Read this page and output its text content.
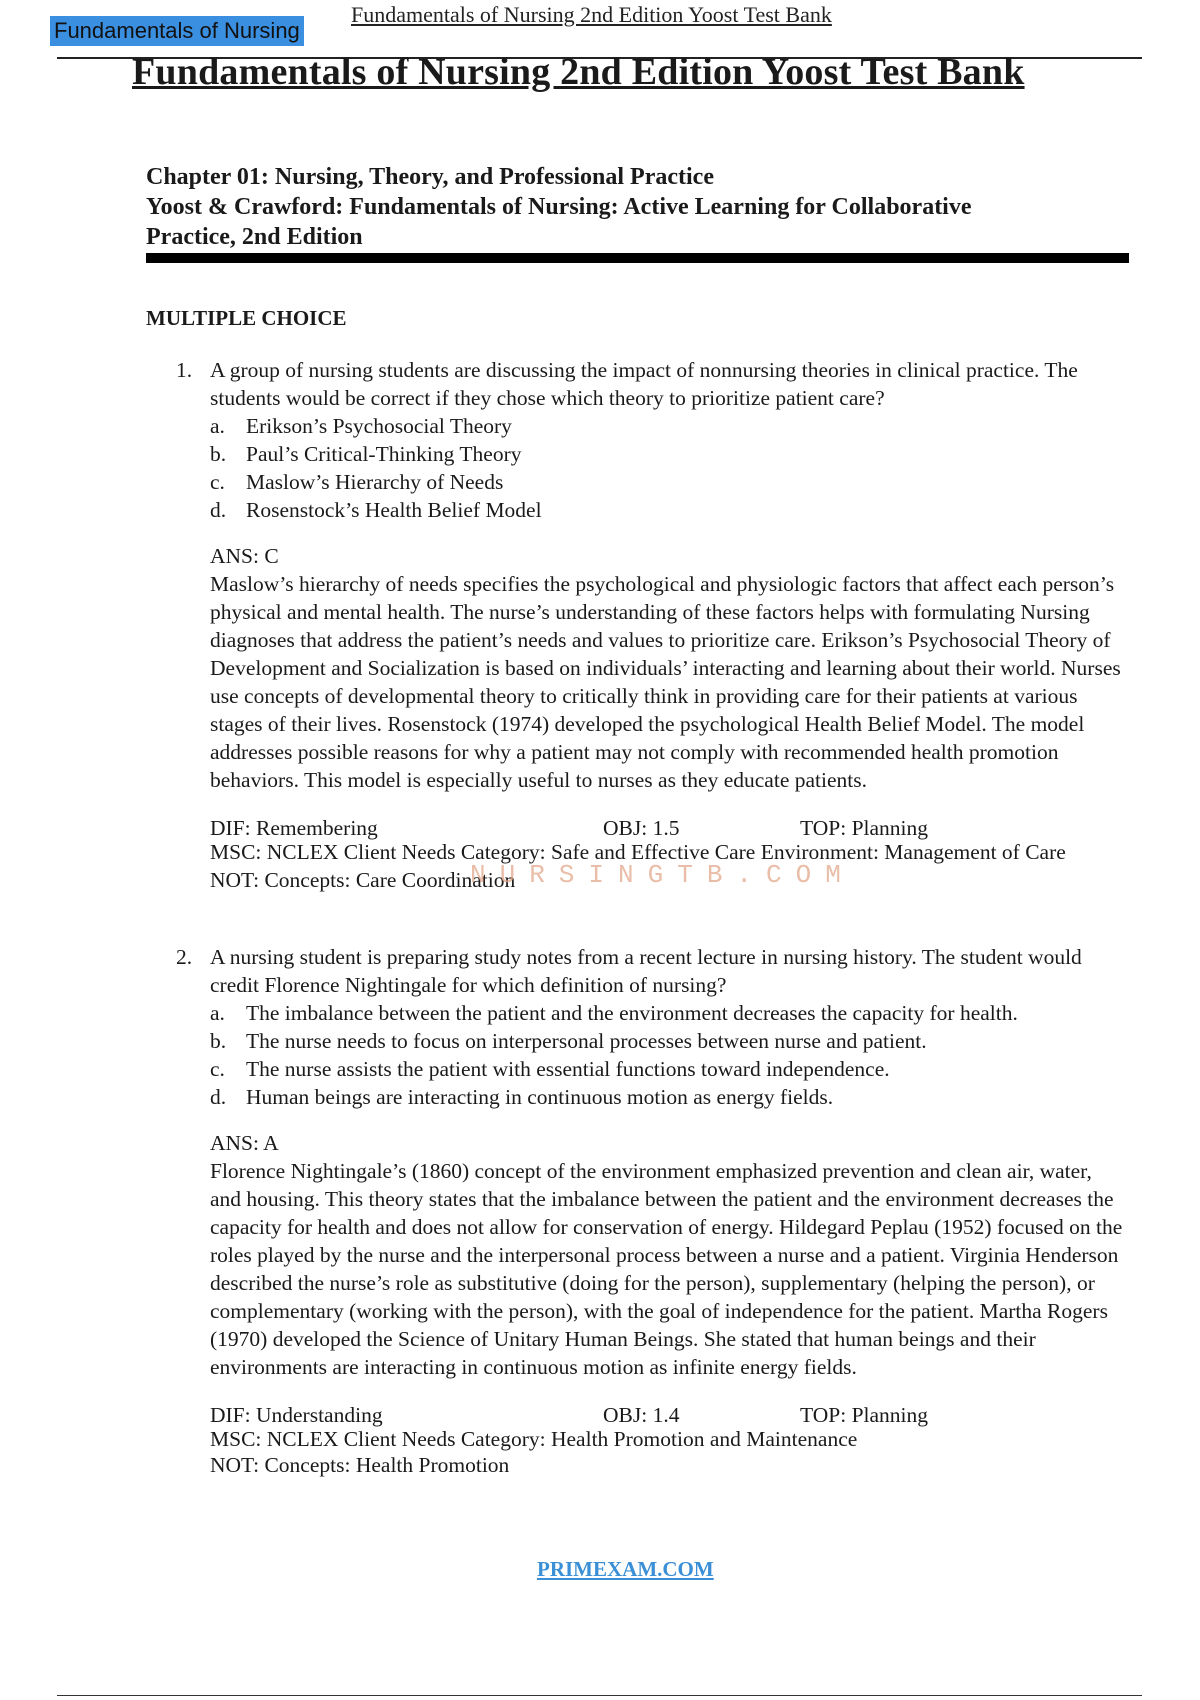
Fundamentals of Nursing
Fundamentals of Nursing 2nd Edition Yoost Test Bank
Fundamentals of Nursing 2nd Edition Yoost Test Bank
Chapter 01: Nursing, Theory, and Professional Practice
Yoost & Crawford: Fundamentals of Nursing: Active Learning for Collaborative Practice, 2nd Edition
MULTIPLE CHOICE
1. A group of nursing students are discussing the impact of nonnursing theories in clinical practice. The students would be correct if they chose which theory to prioritize patient care?
a. Erikson’s Psychosocial Theory
b. Paul’s Critical-Thinking Theory
c. Maslow’s Hierarchy of Needs
d. Rosenstock’s Health Belief Model
ANS: C
Maslow’s hierarchy of needs specifies the psychological and physiologic factors that affect each person’s physical and mental health. The nurse’s understanding of these factors helps with formulating Nursing diagnoses that address the patient’s needs and values to prioritize care. Erikson’s Psychosocial Theory of Development and Socialization is based on individuals’ interacting and learning about their world. Nurses use concepts of developmental theory to critically think in providing care for their patients at various stages of their lives. Rosenstock (1974) developed the psychological Health Belief Model. The model addresses possible reasons for why a patient may not comply with recommended health promotion behaviors. This model is especially useful to nurses as they educate patients.
DIF: Remembering	OBJ: 1.5	TOP: Planning
MSC: NCLEX Client Needs Category: Safe and Effective Care Environment: Management of Care
NOT: Concepts: Care Coordination
NURSINGTB.COM
2. A nursing student is preparing study notes from a recent lecture in nursing history. The student would credit Florence Nightingale for which definition of nursing?
a. The imbalance between the patient and the environment decreases the capacity for health.
b. The nurse needs to focus on interpersonal processes between nurse and patient.
c. The nurse assists the patient with essential functions toward independence.
d. Human beings are interacting in continuous motion as energy fields.
ANS: A
Florence Nightingale’s (1860) concept of the environment emphasized prevention and clean air, water, and housing. This theory states that the imbalance between the patient and the environment decreases the capacity for health and does not allow for conservation of energy. Hildegard Peplau (1952) focused on the roles played by the nurse and the interpersonal process between a nurse and a patient. Virginia Henderson described the nurse’s role as substitutive (doing for the person), supplementary (helping the person), or complementary (working with the person), with the goal of independence for the patient. Martha Rogers (1970) developed the Science of Unitary Human Beings. She stated that human beings and their environments are interacting in continuous motion as infinite energy fields.
DIF: Understanding	OBJ: 1.4	TOP: Planning
MSC: NCLEX Client Needs Category: Health Promotion and Maintenance
NOT: Concepts: Health Promotion
PRIMEXAM.COM
